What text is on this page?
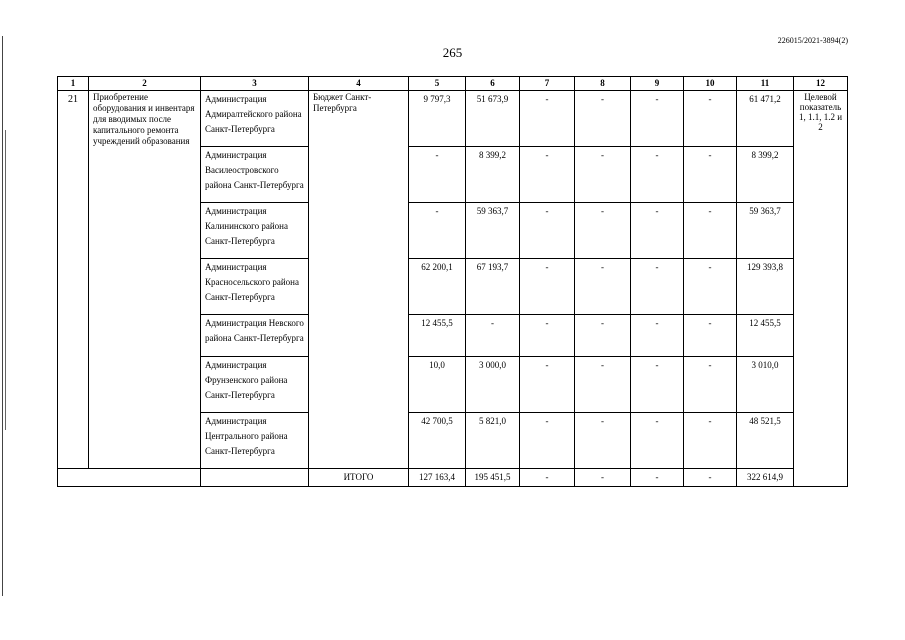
226015/2021-3894(2)
265
1	2	3	4	5	6	7	8	9	10	11	12
21	Приобретение оборудования и инвентаря для вводимых после капитального ремонта учреждений образования	Администрация Адмиралтейского района Санкт-Петербурга	Бюджет Санкт-Петербурга	9 797,3	51 673,9	-	-	-	-	61 471,2	Целевой показатель 1, 1.1, 1.2 и 2
		Администрация Василеостровского района Санкт-Петербурга		-	8 399,2	-	-	-	-	8 399,2	
		Администрация Калининского района Санкт-Петербурга		-	59 363,7	-	-	-	-	59 363,7	
		Администрация Красносельского района Санкт-Петербурга		62 200,1	67 193,7	-	-	-	-	129 393,8	
		Администрация Невского района Санкт-Петербурга		12 455,5	-	-	-	-	-	12 455,5	
		Администрация Фрунзенского района Санкт-Петербурга		10,0	3 000,0	-	-	-	-	3 010,0	
		Администрация Центрального района Санкт-Петербурга		42 700,5	5 821,0	-	-	-	-	48 521,5	
			ИТОГО	127 163,4	195 451,5	-	-	-	-	322 614,9	
